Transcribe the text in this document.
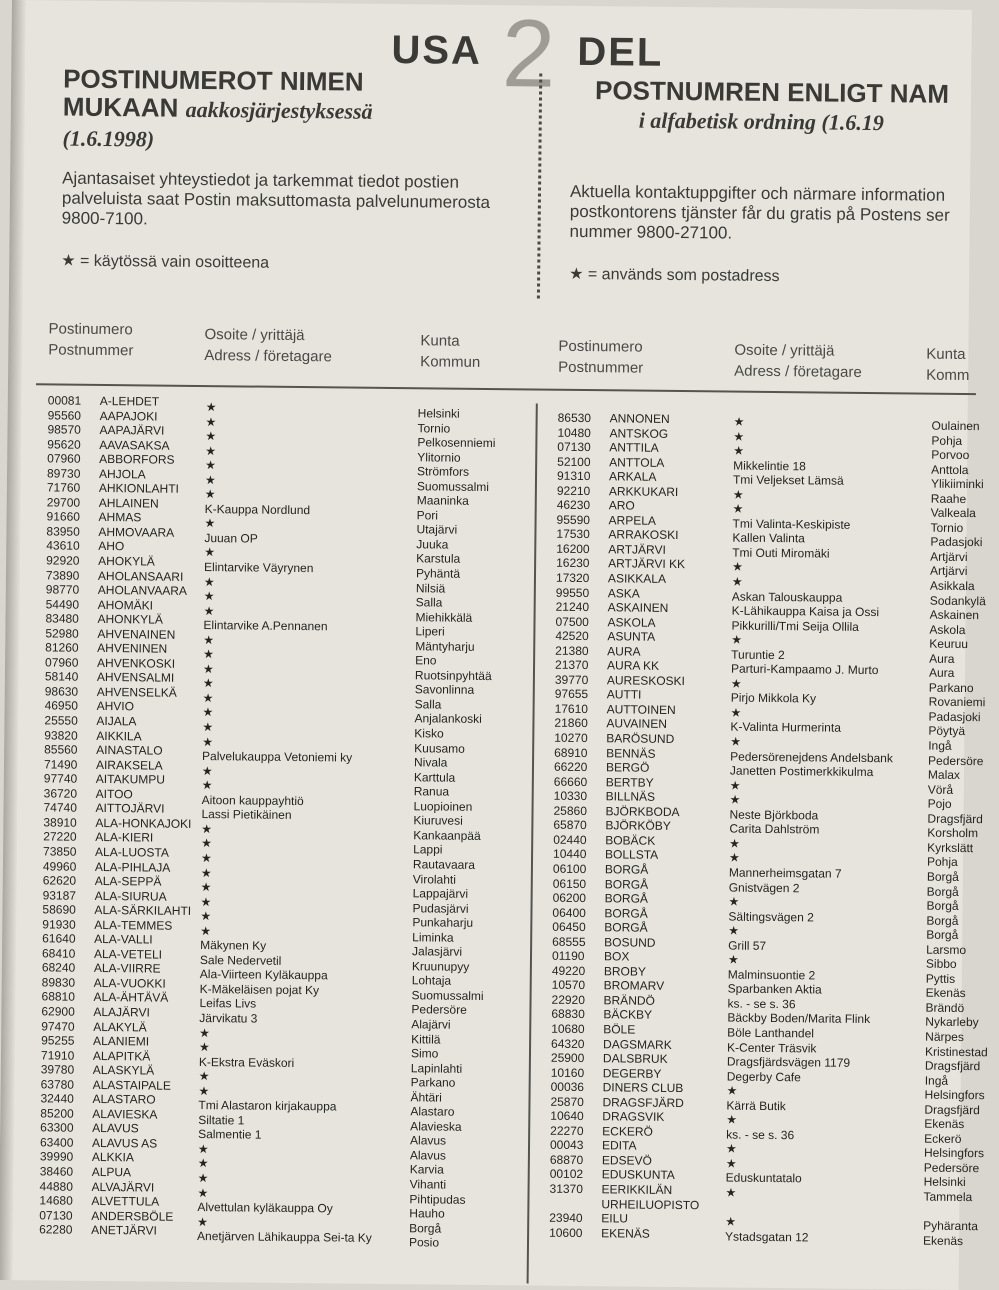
USA 2 DEL
POSTINUMEROT NIMEN
MUKAAN aakkosjärjestyksessä
(1.6.1998)
Ajantasaiset yhteystiedot ja tarkemmat tiedot postien
palveluista saat Postin maksuttomasta palvelunumerosta
9800-7100.
★ = käytössä vain osoitteena
POSTNUMREN ENLIGT NAM
i alfabetisk ordning (1.6.19
Aktuella kontaktuppgifter och närmare information
postkontorens tjänster får du gratis på Postens ser
nummer 9800-27100.
★ = används som postadress
Postinumero
Postnummer
Osoite / yrittäjä
Adress / företagare
Kunta
Kommun
Postinumero
Postnummer
Osoite / yrittäjä
Adress / företagare
Kunta
Komm
00081 A-LEHDET
95560 AAPAJOKI
98570 AAPAJÄRVI
95620 AAVASAKSA
07960 ABBORFORS
89730 AHJOLA
71760 AHKIONLAHTI
29700 AHLAINEN
91660 AHMAS
83950 AHMOVAARA
43610 AHO
92920 AHOKYLÄ
73890 AHOLANSAARI
98770 AHOLANVAARA
54490 AHOMÄKI
83480 AHONKYLÄ
52980 AHVENAINEN
81260 AHVENINEN
07960 AHVENKOSKI
58140 AHVENSALMI
98630 AHVENSELKÄ
46950 AHVIO
25550 AIJALA
93820 AIKKILA
85560 AINASTALO
71490 AIRAKSELA
97740 AITAKUMPU
36720 AITOO
74740 AITTOJÄRVI
38910 ALA-HONKAJOKI
27220 ALA-KIERI
73850 ALA-LUOSTA
49960 ALA-PIHLAJA
62620 ALA-SEPPÄ
93187 ALA-SIURUA
58690 ALA-SÄRKILAHTI
91930 ALA-TEMMES
61640 ALA-VALLI
68410 ALA-VETELI
68240 ALA-VIIRRE
89830 ALA-VUOKKI
68810 ALA-ÄHTÄVÄ
62900 ALAJÄRVI
97470 ALAKYLÄ
95255 ALANIEMI
71910 ALAPITKÄ
39780 ALASKYLÄ
63780 ALASTAIPALE
32440 ALASTARO
85200 ALAVIESKA
63300 ALAVUS
63400 ALAVUS AS
39990 ALKKIA
38460 ALPUA
44880 ALVAJÄRVI
14680 ALVETTULA
07130 ANDERSBÖLE
62280 ANETJÄRVI
★
★
★
★
★
★
★
K-Kauppa Nordlund
★
Juuan OP
★
Elintarvike Väyrynen
★
★
★
Elintarvike A.Pennanen
★
★
★
★
★
★
★
★
Palvelukauppa Vetoniemi ky
★
★
Aitoon kauppayhtiö
Lassi Pietikäinen
★
★
★
★
★
★
★
★
Mäkynen Ky
Sale Nedervetil
Ala-Viirteen Kyläkauppa
K-Mäkeläisen pojat Ky
Leifas Livs
Järvikatu 3
★
★
K-Ekstra Eväskori
★
★
Tmi Alastaron kirjakauppa
Siltatie 1
Salmentie 1
★
★
★
★
Alvettulan kyläkauppa Oy
★
Anetjärven Lähikauppa Sei-ta Ky
Helsinki
Tornio
Pelkosenniemi
Ylitornio
Strömfors
Suomussalmi
Maaninka
Pori
Utajärvi
Juuka
Karstula
Pyhäntä
Nilsiä
Salla
Miehikkälä
Liperi
Mäntyharju
Eno
Ruotsinpyhtää
Savonlinna
Salla
Anjalankoski
Kisko
Kuusamo
Nivala
Karttula
Ranua
Luopioinen
Kiuruvesi
Kankaanpää
Lappi
Rautavaara
Virolahti
Lappajärvi
Pudasjärvi
Punkaharju
Liminka
Jalasjärvi
Kruunupyy
Lohtaja
Suomussalmi
Pedersöre
Alajärvi
Kittilä
Simo
Lapinlahti
Parkano
Ähtäri
Alastaro
Alavieska
Alavus
Alavus
Karvia
Vihanti
Pihtipudas
Hauho
Borgå
Posio
86530 ANNONEN
10480 ANTSKOG
07130 ANTTILA
52100 ANTTOLA
91310 ARKALA
92210 ARKKUKARI
46230 ARO
95590 ARPELA
17530 ARRAKOSKI
16200 ARTJÄRVI
16230 ARTJÄRVI KK
17320 ASIKKALA
99550 ASKA
21240 ASKAINEN
07500 ASKOLA
42520 ASUNTA
21380 AURA
21370 AURA KK
39770 AURESKOSKI
97655 AUTTI
17610 AUTTOINEN
21860 AUVAINEN
10270 BARÖSUND
68910 BENNÄS
66220 BERGÖ
66660 BERTBY
10330 BILLNÄS
25860 BJÖRKBODA
65870 BJÖRKÖBY
02440 BOBÄCK
10440 BOLLSTA
06100 BORGÅ
06150 BORGÅ
06200 BORGÅ
06400 BORGÅ
06450 BORGÅ
68555 BOSUND
01190 BOX
49220 BROBY
10570 BROMARV
22920 BRÄNDÖ
68830 BÄCKBY
10680 BÖLE
64320 DAGSMARK
25900 DALSBRUK
10160 DEGERBY
00036 DINERS CLUB
25870 DRAGSFJÄRD
10640 DRAGSVIK
22270 ECKERÖ
00043 EDITA
68870 EDSEVÖ
00102 EDUSKUNTA
31370 EERIKKILÄN
URHEILUOPISTO
23940 EILU
10600 EKENÄS
★
★
★
Mikkelintie 18
Tmi Veljekset Lämsä
★
★
Tmi Valinta-Keskipiste
Kallen Valinta
Tmi Outi Miromäki
★
★
Askan Talouskauppa
K-Lähikauppa Kaisa ja Ossi
Pikkurilli/Tmi Seija Ollila
★
Turuntie 2
Parturi-Kampaamo J. Murto
★
Pirjo Mikkola Ky
★
K-Valinta Hurmerinta
★
Pedersörenejdens Andelsbank
Janetten Postimerkkikulma
★
★
Neste Björkboda
Carita Dahlström
★
★
Mannerheimsgatan 7
Gnistvägen 2
★
Sältingsvägen 2
★
Grill 57
★
Malminsuontie 2
Sparbanken Aktia
ks. - se s. 36
Bäckby Boden/Marita Flink
Böle Lanthandel
K-Center Träsvik
Dragsfjärdsvägen 1179
Degerby Cafe
★
Kärrä Butik
★
ks. - se s. 36
★
★
Eduskuntatalo
★
★
Ystadsgatan 12
Oulainen
Pohja
Porvoo
Anttola
Ylikiiminki
Raahe
Valkeala
Tornio
Padasjoki
Artjärvi
Artjärvi
Asikkala
Sodankylä
Askainen
Askola
Keuruu
Aura
Aura
Parkano
Rovaniemi
Padasjoki
Pöytyä
Ingå
Pedersöre
Malax
Vörå
Pojo
Dragsfjärd
Korsholm
Kyrkslätt
Pohja
Borgå
Borgå
Borgå
Borgå
Borgå
Larsmo
Sibbo
Pyttis
Ekenäs
Brändö
Nykarleby
Närpes
Kristinestad
Dragsfjärd
Ingå
Helsingfors
Dragsfjärd
Ekenäs
Eckerö
Helsingfors
Pedersöre
Helsinki
Tammela
Pyhäranta
Ekenäs
